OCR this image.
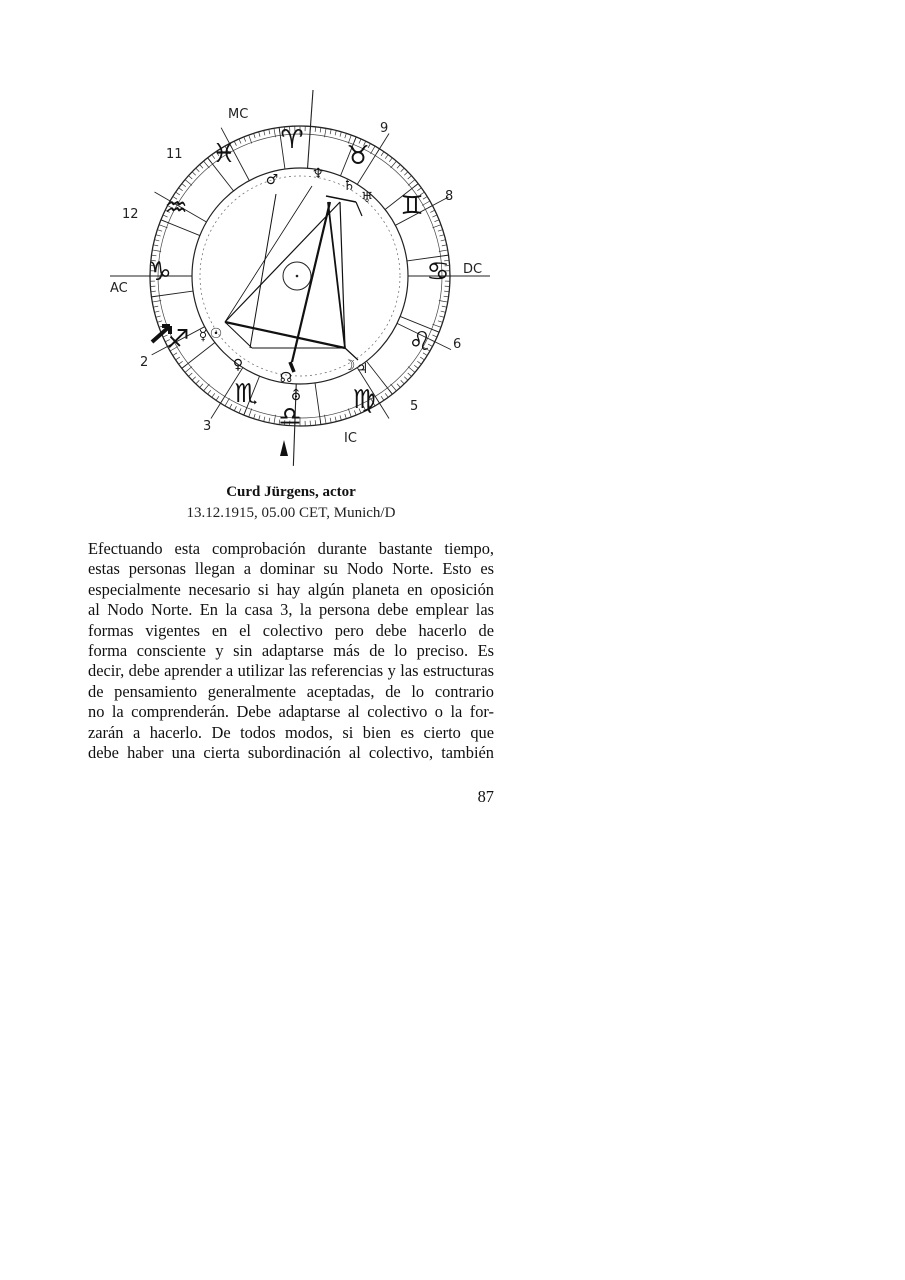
MC
DC
AC
IC
2
3
5
6
8
9
11
12
♏
♎
♍
♌
♋
♊
♉
♈
♓
♒
♑
♐
♂ ♆
♄
♅
☿ ☉
♀
☊
⛢
☽ ♃
Curd Jürgens, actor
13.12.1915, 05.00 CET, Munich/D
Efectuando esta comprobación durante bastante tiempo,
estas personas llegan a dominar su Nodo Norte. Esto es
especialmente necesario si hay algún planeta en oposición
al Nodo Norte. En la casa 3, la persona debe emplear las
formas vigentes en el colectivo pero debe hacerlo de
forma consciente y sin adaptarse más de lo preciso. Es
decir, debe aprender a utilizar las referencias y las estructuras
de pensamiento generalmente aceptadas, de lo contrario
no la comprenderán. Debe adaptarse al colectivo o la for-
zarán a hacerlo. De todos modos, si bien es cierto que
debe haber una cierta subordinación al colectivo, también
87
